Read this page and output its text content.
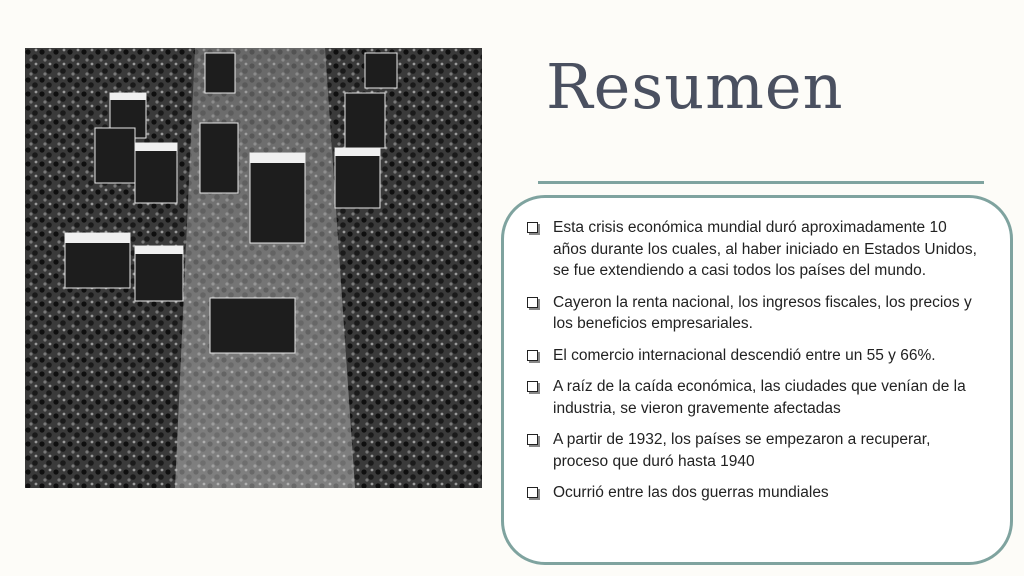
Resumen
Esta crisis económica mundial duró aproximadamente 10 años durante los cuales, al haber iniciado en Estados Unidos, se fue extendiendo a casi todos los países del mundo.
Cayeron la renta nacional, los ingresos fiscales, los precios y los beneficios empresariales.
El comercio internacional descendió entre un 55 y 66%.
A raíz de la caída económica, las ciudades que venían de la industria, se vieron gravemente afectadas
A partir de 1932, los países se empezaron a recuperar, proceso que duró hasta 1940
Ocurrió entre las dos guerras mundiales
